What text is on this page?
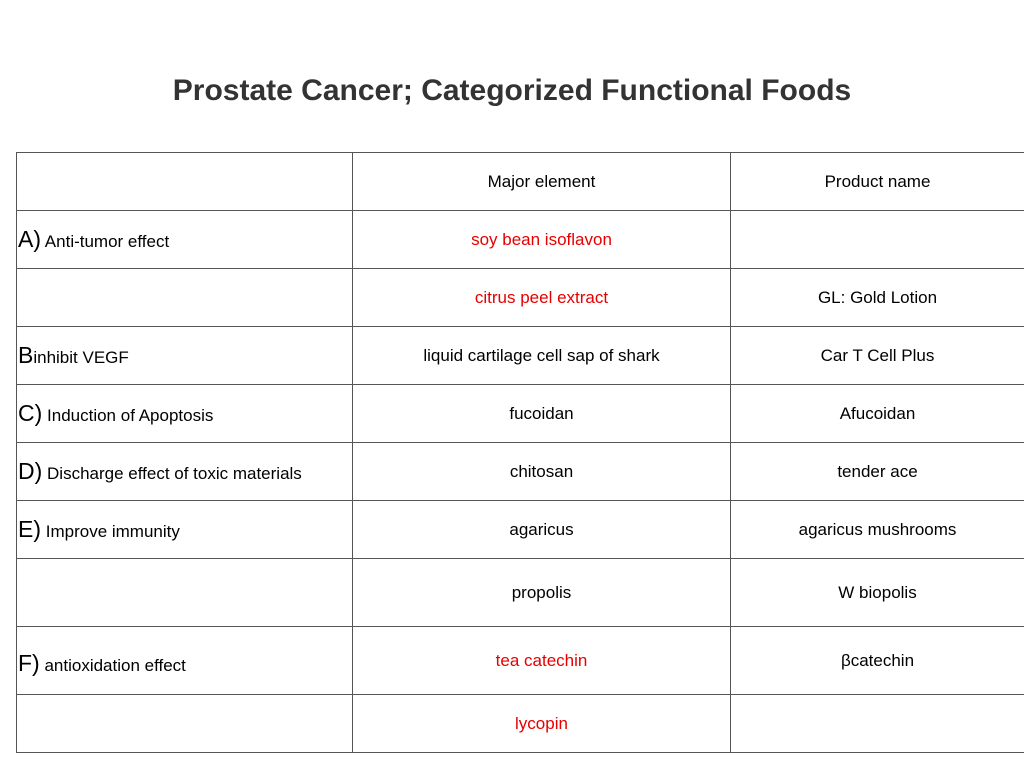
Prostate Cancer; Categorized Functional Foods
	Major element	Product name
A) Anti-tumor effect	soy bean isoflavon	
	citrus peel extract	GL: Gold Lotion
Binhibit VEGF	liquid cartilage cell sap of shark	Car T Cell Plus
C) Induction of Apoptosis	fucoidan	Afucoidan
D) Discharge effect of toxic materials	chitosan	tender ace
E) Improve immunity	agaricus	agaricus mushrooms
	propolis	W biopolis

F) antioxidation effect	tea catechin	βcatechin
	lycopin	
